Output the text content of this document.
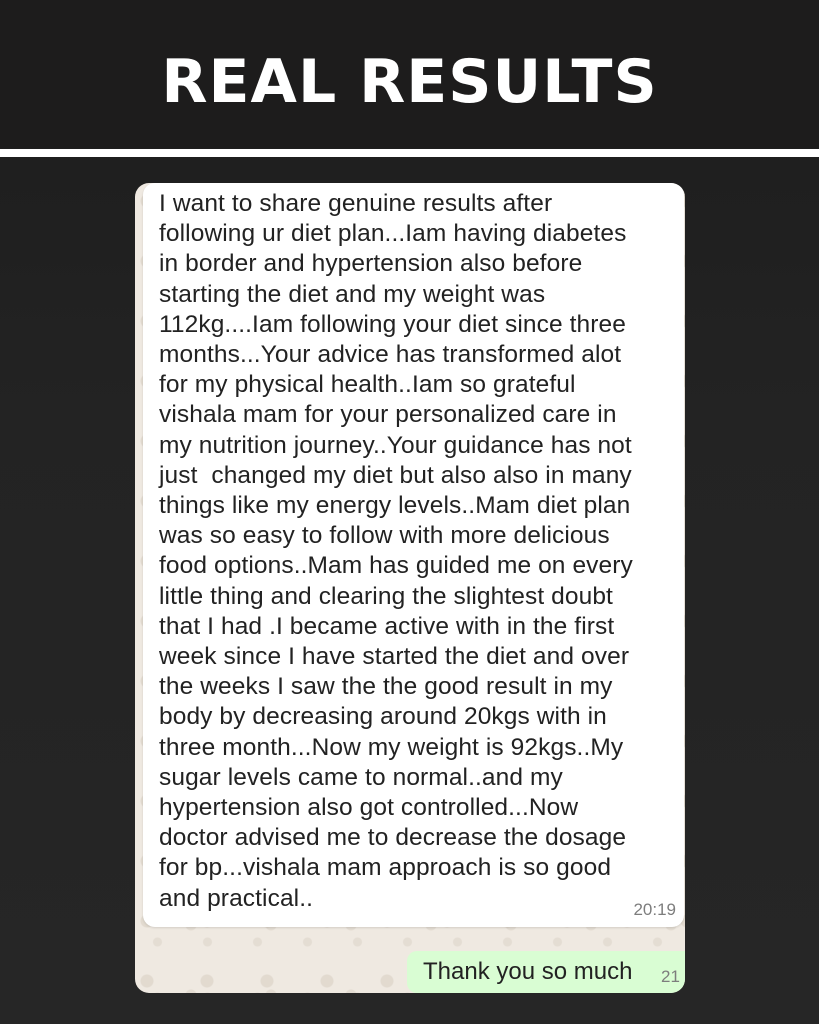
REAL RESULTS
I want to share genuine results after
following ur diet plan...Iam having diabetes
in border and hypertension also before
starting the diet and my weight was
112kg....Iam following your diet since three
months...Your advice has transformed alot
for my physical health..Iam so grateful
vishala mam for your personalized care in
my nutrition journey..Your guidance has not
just  changed my diet but also also in many
things like my energy levels..Mam diet plan
was so easy to follow with more delicious
food options..Mam has guided me on every
little thing and clearing the slightest doubt
that I had .I became active with in the first
week since I have started the diet and over
the weeks I saw the the good result in my
body by decreasing around 20kgs with in
three month...Now my weight is 92kgs..My
sugar levels came to normal..and my
hypertension also got controlled...Now
doctor advised me to decrease the dosage
for bp...vishala mam approach is so good
and practical..	20:19
Thank you so much 21
